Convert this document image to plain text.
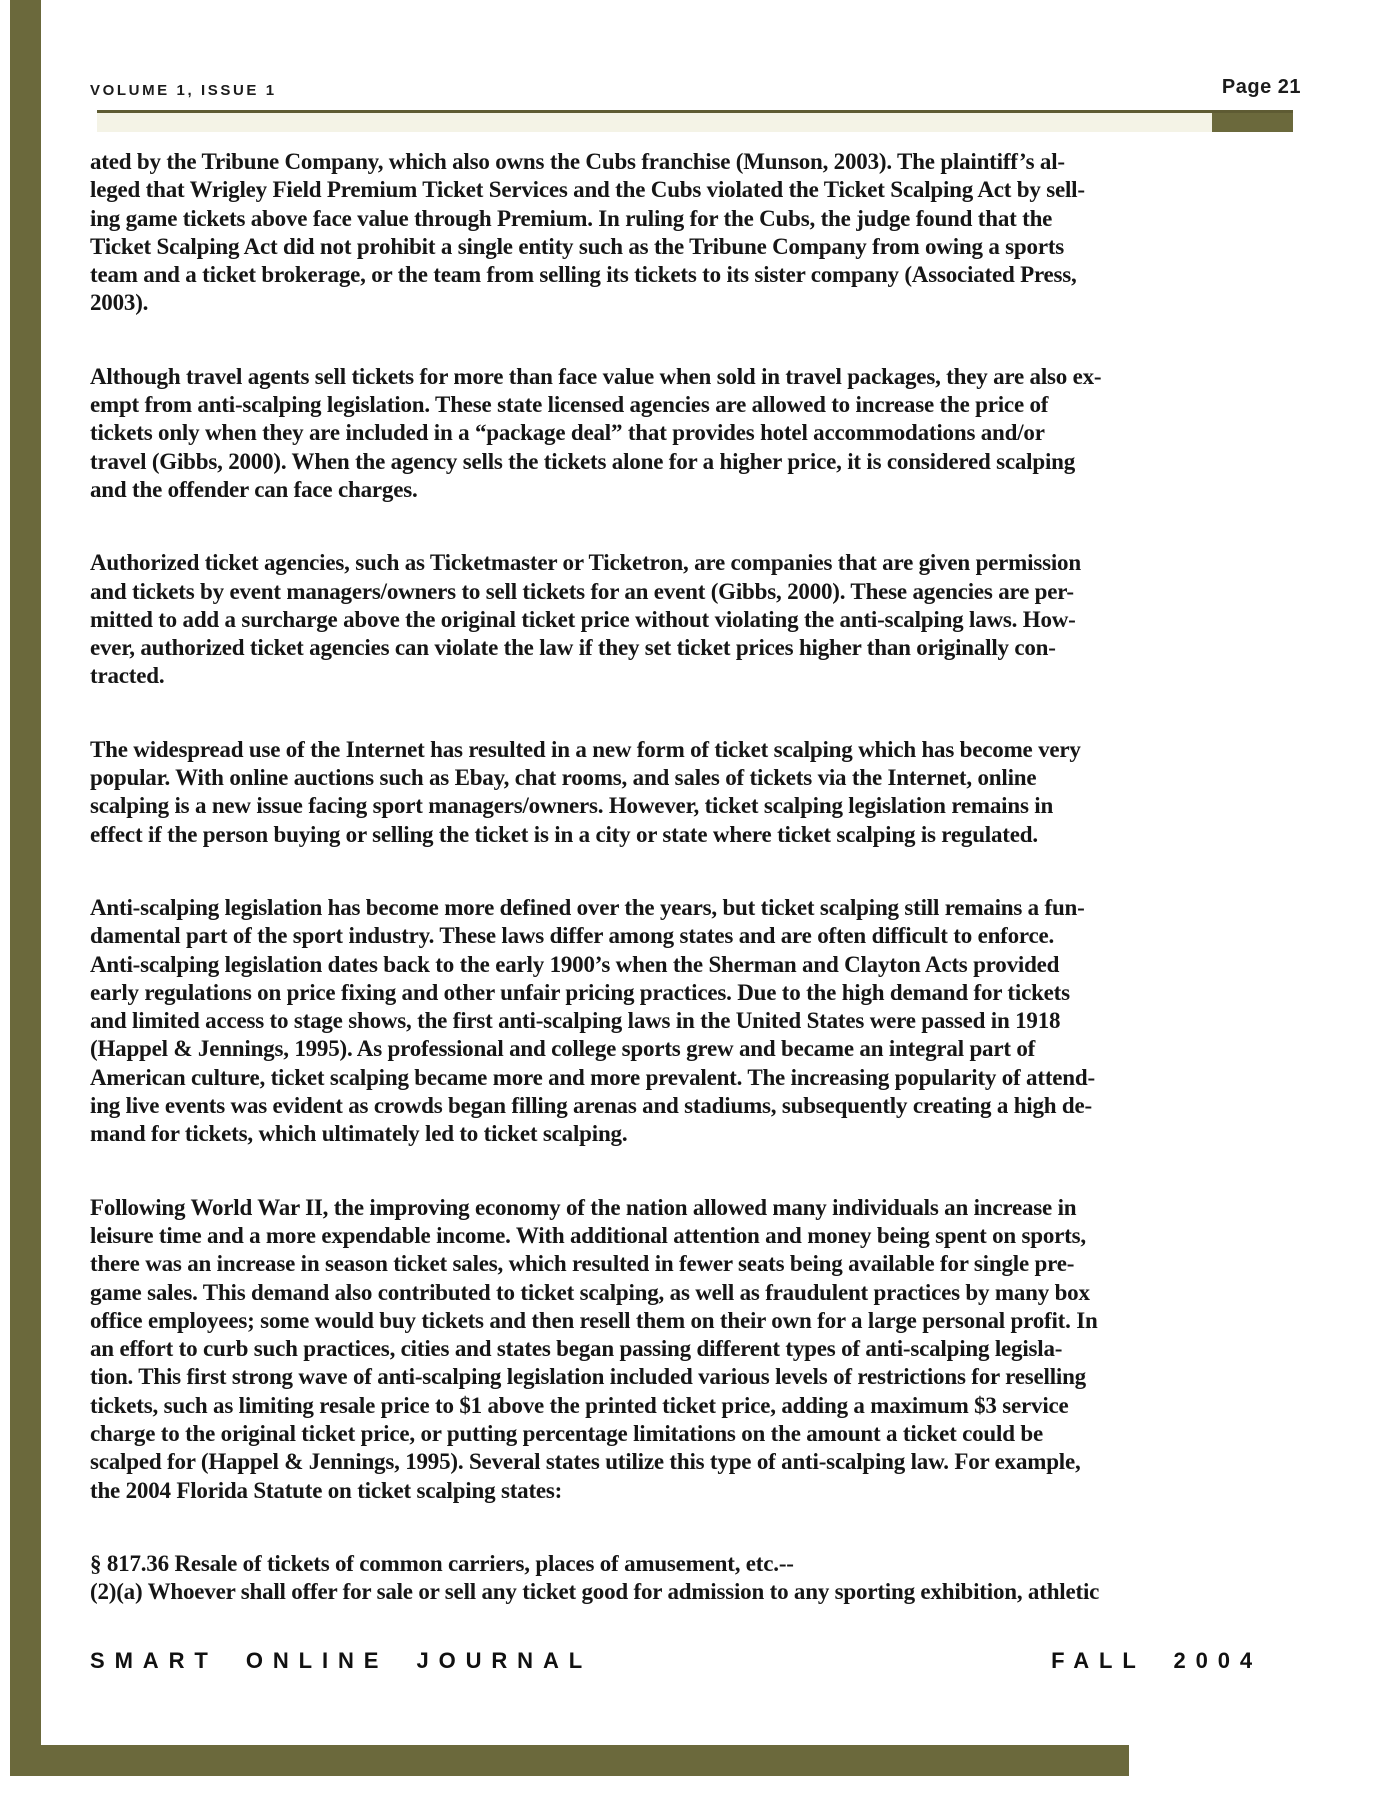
VOLUME 1, ISSUE 1	Page 21
ated by the Tribune Company, which also owns the Cubs franchise (Munson, 2003). The plaintiff’s al-
leged that Wrigley Field Premium Ticket Services and the Cubs violated the Ticket Scalping Act by sell-
ing game tickets above face value through Premium. In ruling for the Cubs, the judge found that the
Ticket Scalping Act did not prohibit a single entity such as the Tribune Company from owing a sports
team and a ticket brokerage, or the team from selling its tickets to its sister company (Associated Press,
2003).
Although travel agents sell tickets for more than face value when sold in travel packages, they are also ex-
empt from anti-scalping legislation. These state licensed agencies are allowed to increase the price of
tickets only when they are included in a “package deal” that provides hotel accommodations and/or
travel (Gibbs, 2000). When the agency sells the tickets alone for a higher price, it is considered scalping
and the offender can face charges.
Authorized ticket agencies, such as Ticketmaster or Ticketron, are companies that are given permission
and tickets by event managers/owners to sell tickets for an event (Gibbs, 2000). These agencies are per-
mitted to add a surcharge above the original ticket price without violating the anti-scalping laws. How-
ever, authorized ticket agencies can violate the law if they set ticket prices higher than originally con-
tracted.
The widespread use of the Internet has resulted in a new form of ticket scalping which has become very
popular. With online auctions such as Ebay, chat rooms, and sales of tickets via the Internet, online
scalping is a new issue facing sport managers/owners. However, ticket scalping legislation remains in
effect if the person buying or selling the ticket is in a city or state where ticket scalping is regulated.
Anti-scalping legislation has become more defined over the years, but ticket scalping still remains a fun-
damental part of the sport industry. These laws differ among states and are often difficult to enforce.
Anti-scalping legislation dates back to the early 1900’s when the Sherman and Clayton Acts provided
early regulations on price fixing and other unfair pricing practices. Due to the high demand for tickets
and limited access to stage shows, the first anti-scalping laws in the United States were passed in 1918
(Happel & Jennings, 1995). As professional and college sports grew and became an integral part of
American culture, ticket scalping became more and more prevalent. The increasing popularity of attend-
ing live events was evident as crowds began filling arenas and stadiums, subsequently creating a high de-
mand for tickets, which ultimately led to ticket scalping.
Following World War II, the improving economy of the nation allowed many individuals an increase in
leisure time and a more expendable income. With additional attention and money being spent on sports,
there was an increase in season ticket sales, which resulted in fewer seats being available for single pre-
game sales. This demand also contributed to ticket scalping, as well as fraudulent practices by many box
office employees; some would buy tickets and then resell them on their own for a large personal profit. In
an effort to curb such practices, cities and states began passing different types of anti-scalping legisla-
tion. This first strong wave of anti-scalping legislation included various levels of restrictions for reselling
tickets, such as limiting resale price to $1 above the printed ticket price, adding a maximum $3 service
charge to the original ticket price, or putting percentage limitations on the amount a ticket could be
scalped for (Happel & Jennings, 1995). Several states utilize this type of anti-scalping law. For example,
the 2004 Florida Statute on ticket scalping states:
§ 817.36 Resale of tickets of common carriers, places of amusement, etc.--
(2)(a) Whoever shall offer for sale or sell any ticket good for admission to any sporting exhibition, athletic
SMART ONLINE JOURNAL	FALL 2004
